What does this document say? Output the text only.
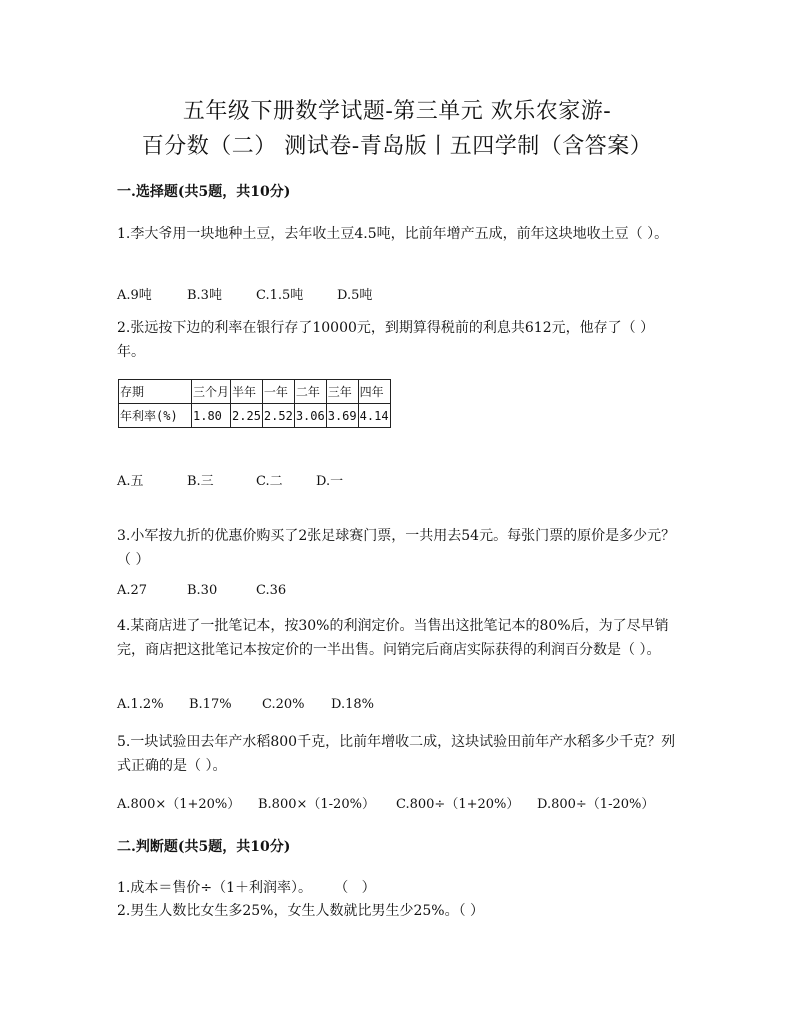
五年级下册数学试题-第三单元 欢乐农家游-
百分数（二） 测试卷-青岛版丨五四学制（含答案）
一.选择题(共5题，共10分)
1.李大爷用一块地种土豆，去年收土豆4.5吨，比前年增产五成，前年这块地收土豆（ ）。
A.9吨	B.3吨	C.1.5吨	D.5吨
2.张远按下边的利率在银行存了10000元，到期算得税前的利息共612元，他存了（ ）年。
存期	三个月	半年	一年	二年	三年	四年
年利率(%)	1.80	2.25	2.52	3.06	3.69	4.14
A.五	B.三	C.二	D.一
3.小军按九折的优惠价购买了2张足球赛门票，一共用去54元。每张门票的原价是多少元？（ ）
A.27	B.30	C.36
4.某商店进了一批笔记本，按30%的利润定价。当售出这批笔记本的80%后，为了尽早销完，商店把这批笔记本按定价的一半出售。问销完后商店实际获得的利润百分数是（ ）。
A.1.2% B.17% C.20% D.18%
5.一块试验田去年产水稻800千克，比前年增收二成，这块试验田前年产水稻多少千克？列式正确的是（ ）。
A.800×（1+20%） B.800×（1-20%） C.800÷（1+20%） D.800÷（1-20%）
二.判断题(共5题，共10分)
1.成本＝售价÷（1＋利润率）。     （   ）
2.男生人数比女生多25%，女生人数就比男生少25%。（ ）
